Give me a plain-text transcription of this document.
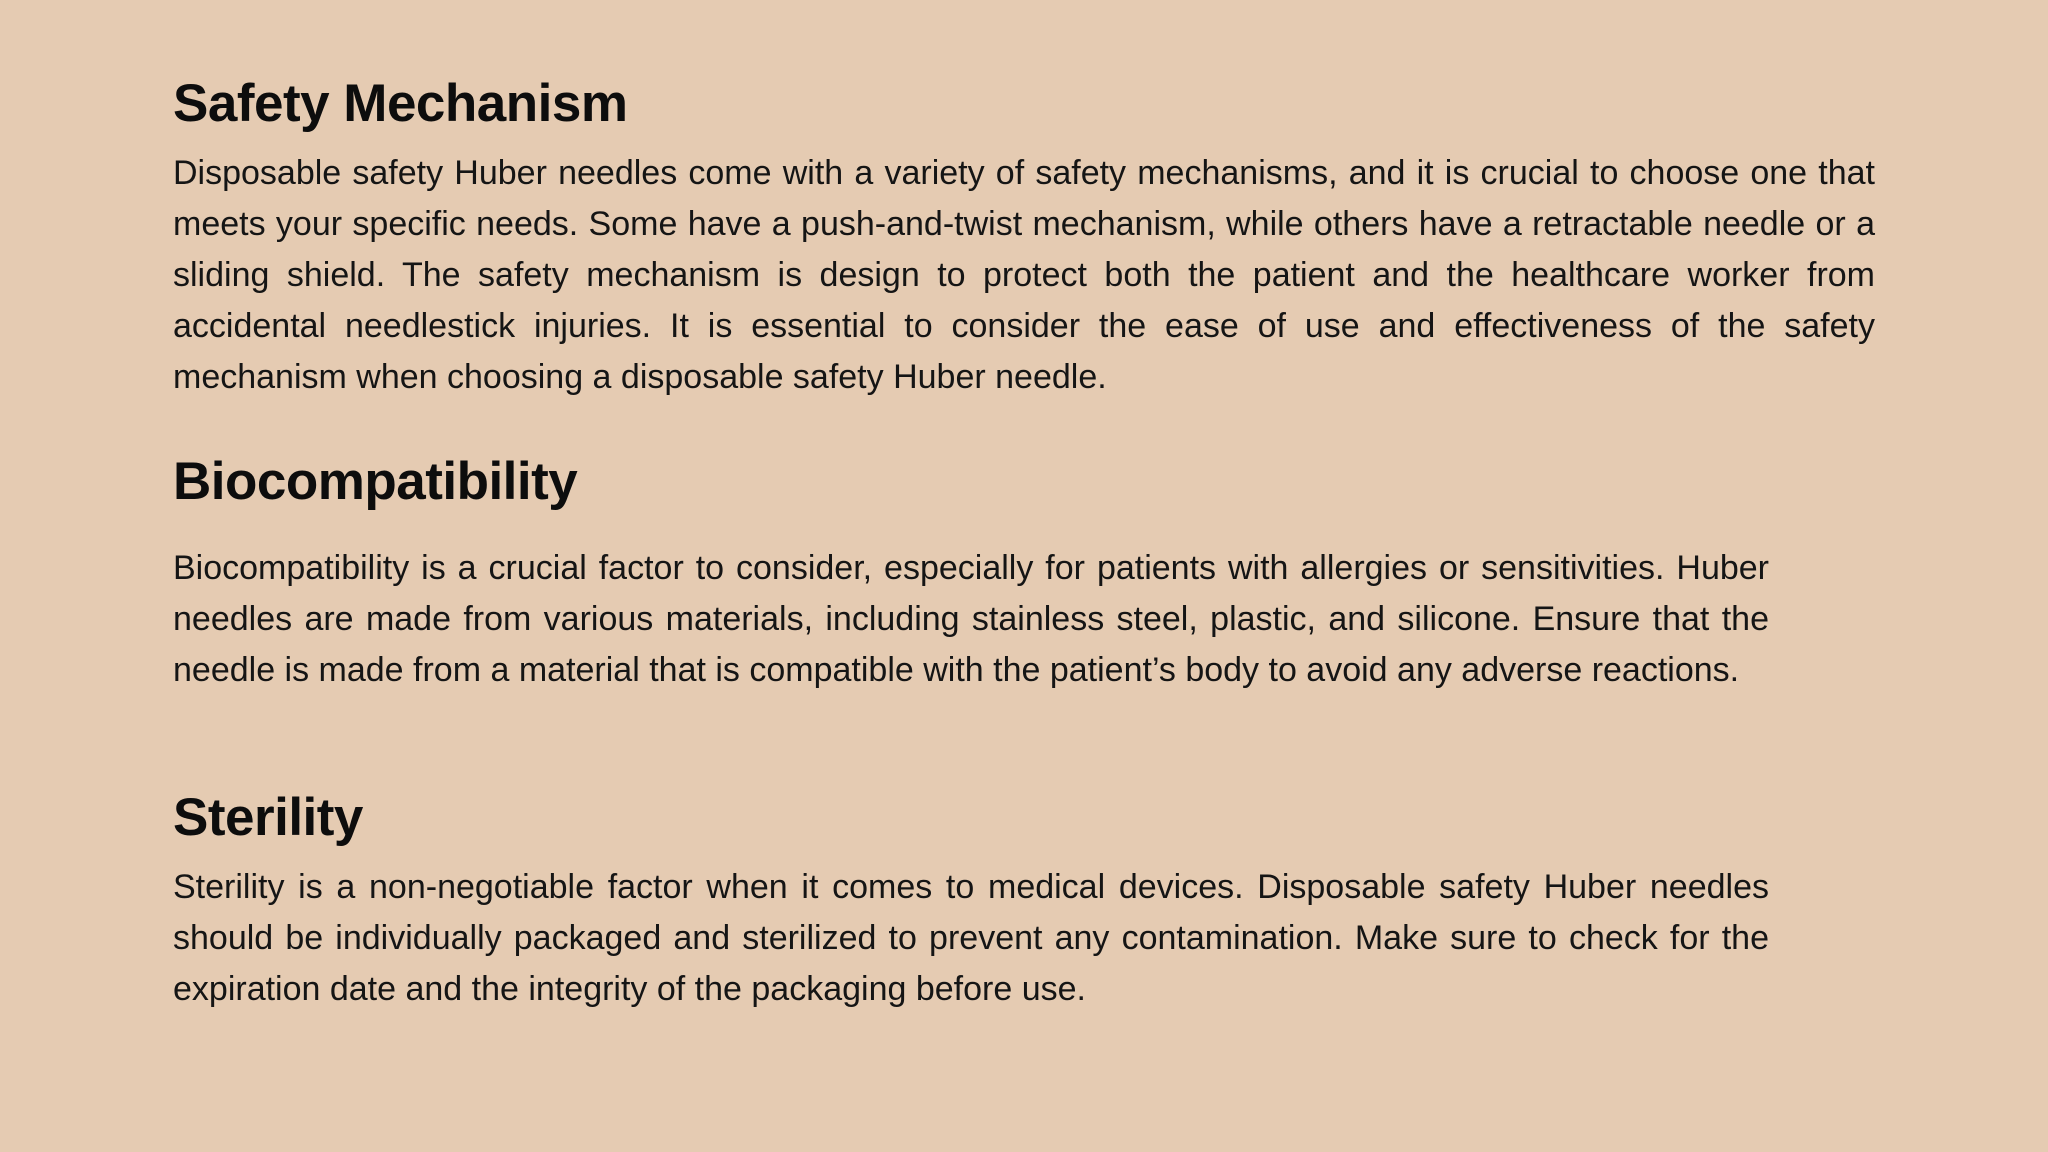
Safety Mechanism

Disposable safety Huber needles come with a variety of safety mechanisms, and it is crucial to choose one that meets your specific needs. Some have a push-and-twist mechanism, while others have a retractable needle or a sliding shield. The safety mechanism is design to protect both the patient and the healthcare worker from accidental needlestick injuries. It is essential to consider the ease of use and effectiveness of the safety mechanism when choosing a disposable safety Huber needle.

Biocompatibility

Biocompatibility is a crucial factor to consider, especially for patients with allergies or sensitivities. Huber needles are made from various materials, including stainless steel, plastic, and silicone. Ensure that the needle is made from a material that is compatible with the patient’s body to avoid any adverse reactions.

Sterility

Sterility is a non-negotiable factor when it comes to medical devices. Disposable safety Huber needles should be individually packaged and sterilized to prevent any contamination. Make sure to check for the expiration date and the integrity of the packaging before use.
